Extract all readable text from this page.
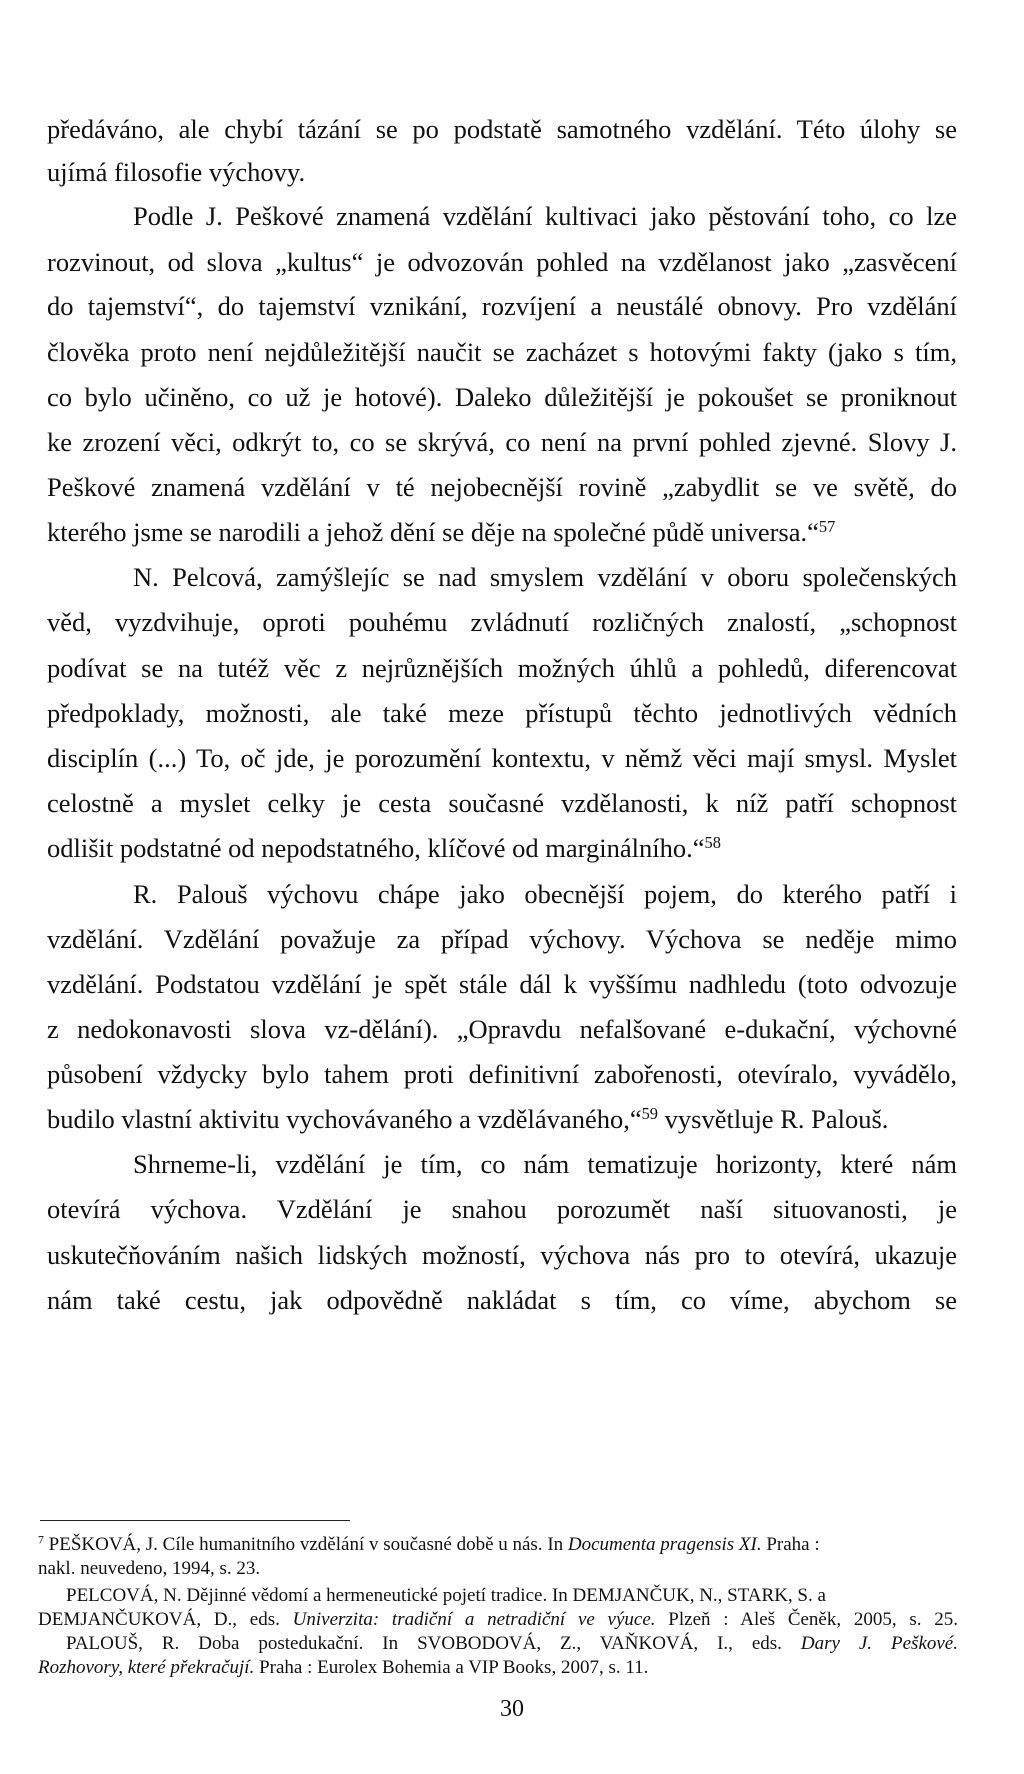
předáváno, ale chybí tázání se po podstatě samotného vzdělání. Této úlohy se

ujímá filosofie výchovy.

Podle J. Peškové znamená vzdělání kultivaci jako pěstování toho, co lze

rozvinout, od slova „kultus“ je odvozován pohled na vzdělanost jako „zasvěcení

do tajemství“, do tajemství vznikání, rozvíjení a neustálé obnovy. Pro vzdělání

člověka proto není nejdůležitější naučit se zacházet s hotovými fakty (jako s tím,

co bylo učiněno, co už je hotové). Daleko důležitější je pokoušet se proniknout

ke zrození věci, odkrýt to, co se skrývá, co není na první pohled zjevné. Slovy J.

Peškové znamená vzdělání v té nejobecnější rovině „zabydlit se ve světě, do

kterého jsme se narodili a jehož dění se děje na společné půdě universa.“$^{57}$

N. Pelcová, zamýšlejíc se nad smyslem vzdělání v oboru společenských

věd, vyzdvihuje, oproti pouhému zvládnutí rozličných znalostí, „schopnost

podívat se na tutéž věc z nejrůznějších možných úhlů a pohledů, diferencovat

předpoklady, možnosti, ale také meze přístupů těchto jednotlivých vědních

disciplín (...) To, oč jde, je porozumění kontextu, v němž věci mají smysl. Myslet

celostně a myslet celky je cesta současné vzdělanosti, k níž patří schopnost

odlišit podstatné od nepodstatného, klíčové od marginálního.“$^{58}$

R. Palouš výchovu chápe jako obecnější pojem, do kterého patří i

vzdělání. Vzdělání považuje za případ výchovy. Výchova se neděje mimo

vzdělání. Podstatou vzdělání je spět stále dál k vyššímu nadhledu (toto odvozuje

z nedokonavosti slova vz-dělání). „Opravdu nefalšované e-dukační, výchovné

působení vždycky bylo tahem proti definitivní zabořenosti, otevíralo, vyvádělo,

budilo vlastní aktivitu vychovávaného a vzdělávaného,“$^{59}$ vysvětluje R. Palouš.

Shrneme-li, vzdělání je tím, co nám tematizuje horizonty, které nám

otevírá výchova. Vzdělání je snahou porozumět naší situovanosti, je

uskutečňováním našich lidských možností, výchova nás pro to otevírá, ukazuje

nám také cestu, jak odpovědně nakládat s tím, co víme, abychom se

$^7$ PEŠKOVÁ, J. Cíle humanitního vzdělání v současné době u nás. In Documenta pragensis XI. Praha :

nakl. neuvedeno, 1994, s. 23.

PELCOVÁ, N. Dějinné vědomí a hermeneutické pojetí tradice. In DEMJANČUK, N., STARK, S. a

DEMJANČUKOVÁ, D., eds. Univerzita: tradiční a netradiční ve výuce. Plzeň : Aleš Čeněk, 2005, s. 25.

PALOUŠ, R. Doba postedukační. In SVOBODOVÁ, Z., VAŇKOVÁ, I., eds. Dary J. Peškové.

Rozhovory, které překračují. Praha : Eurolex Bohemia a VIP Books, 2007, s. 11.

30
